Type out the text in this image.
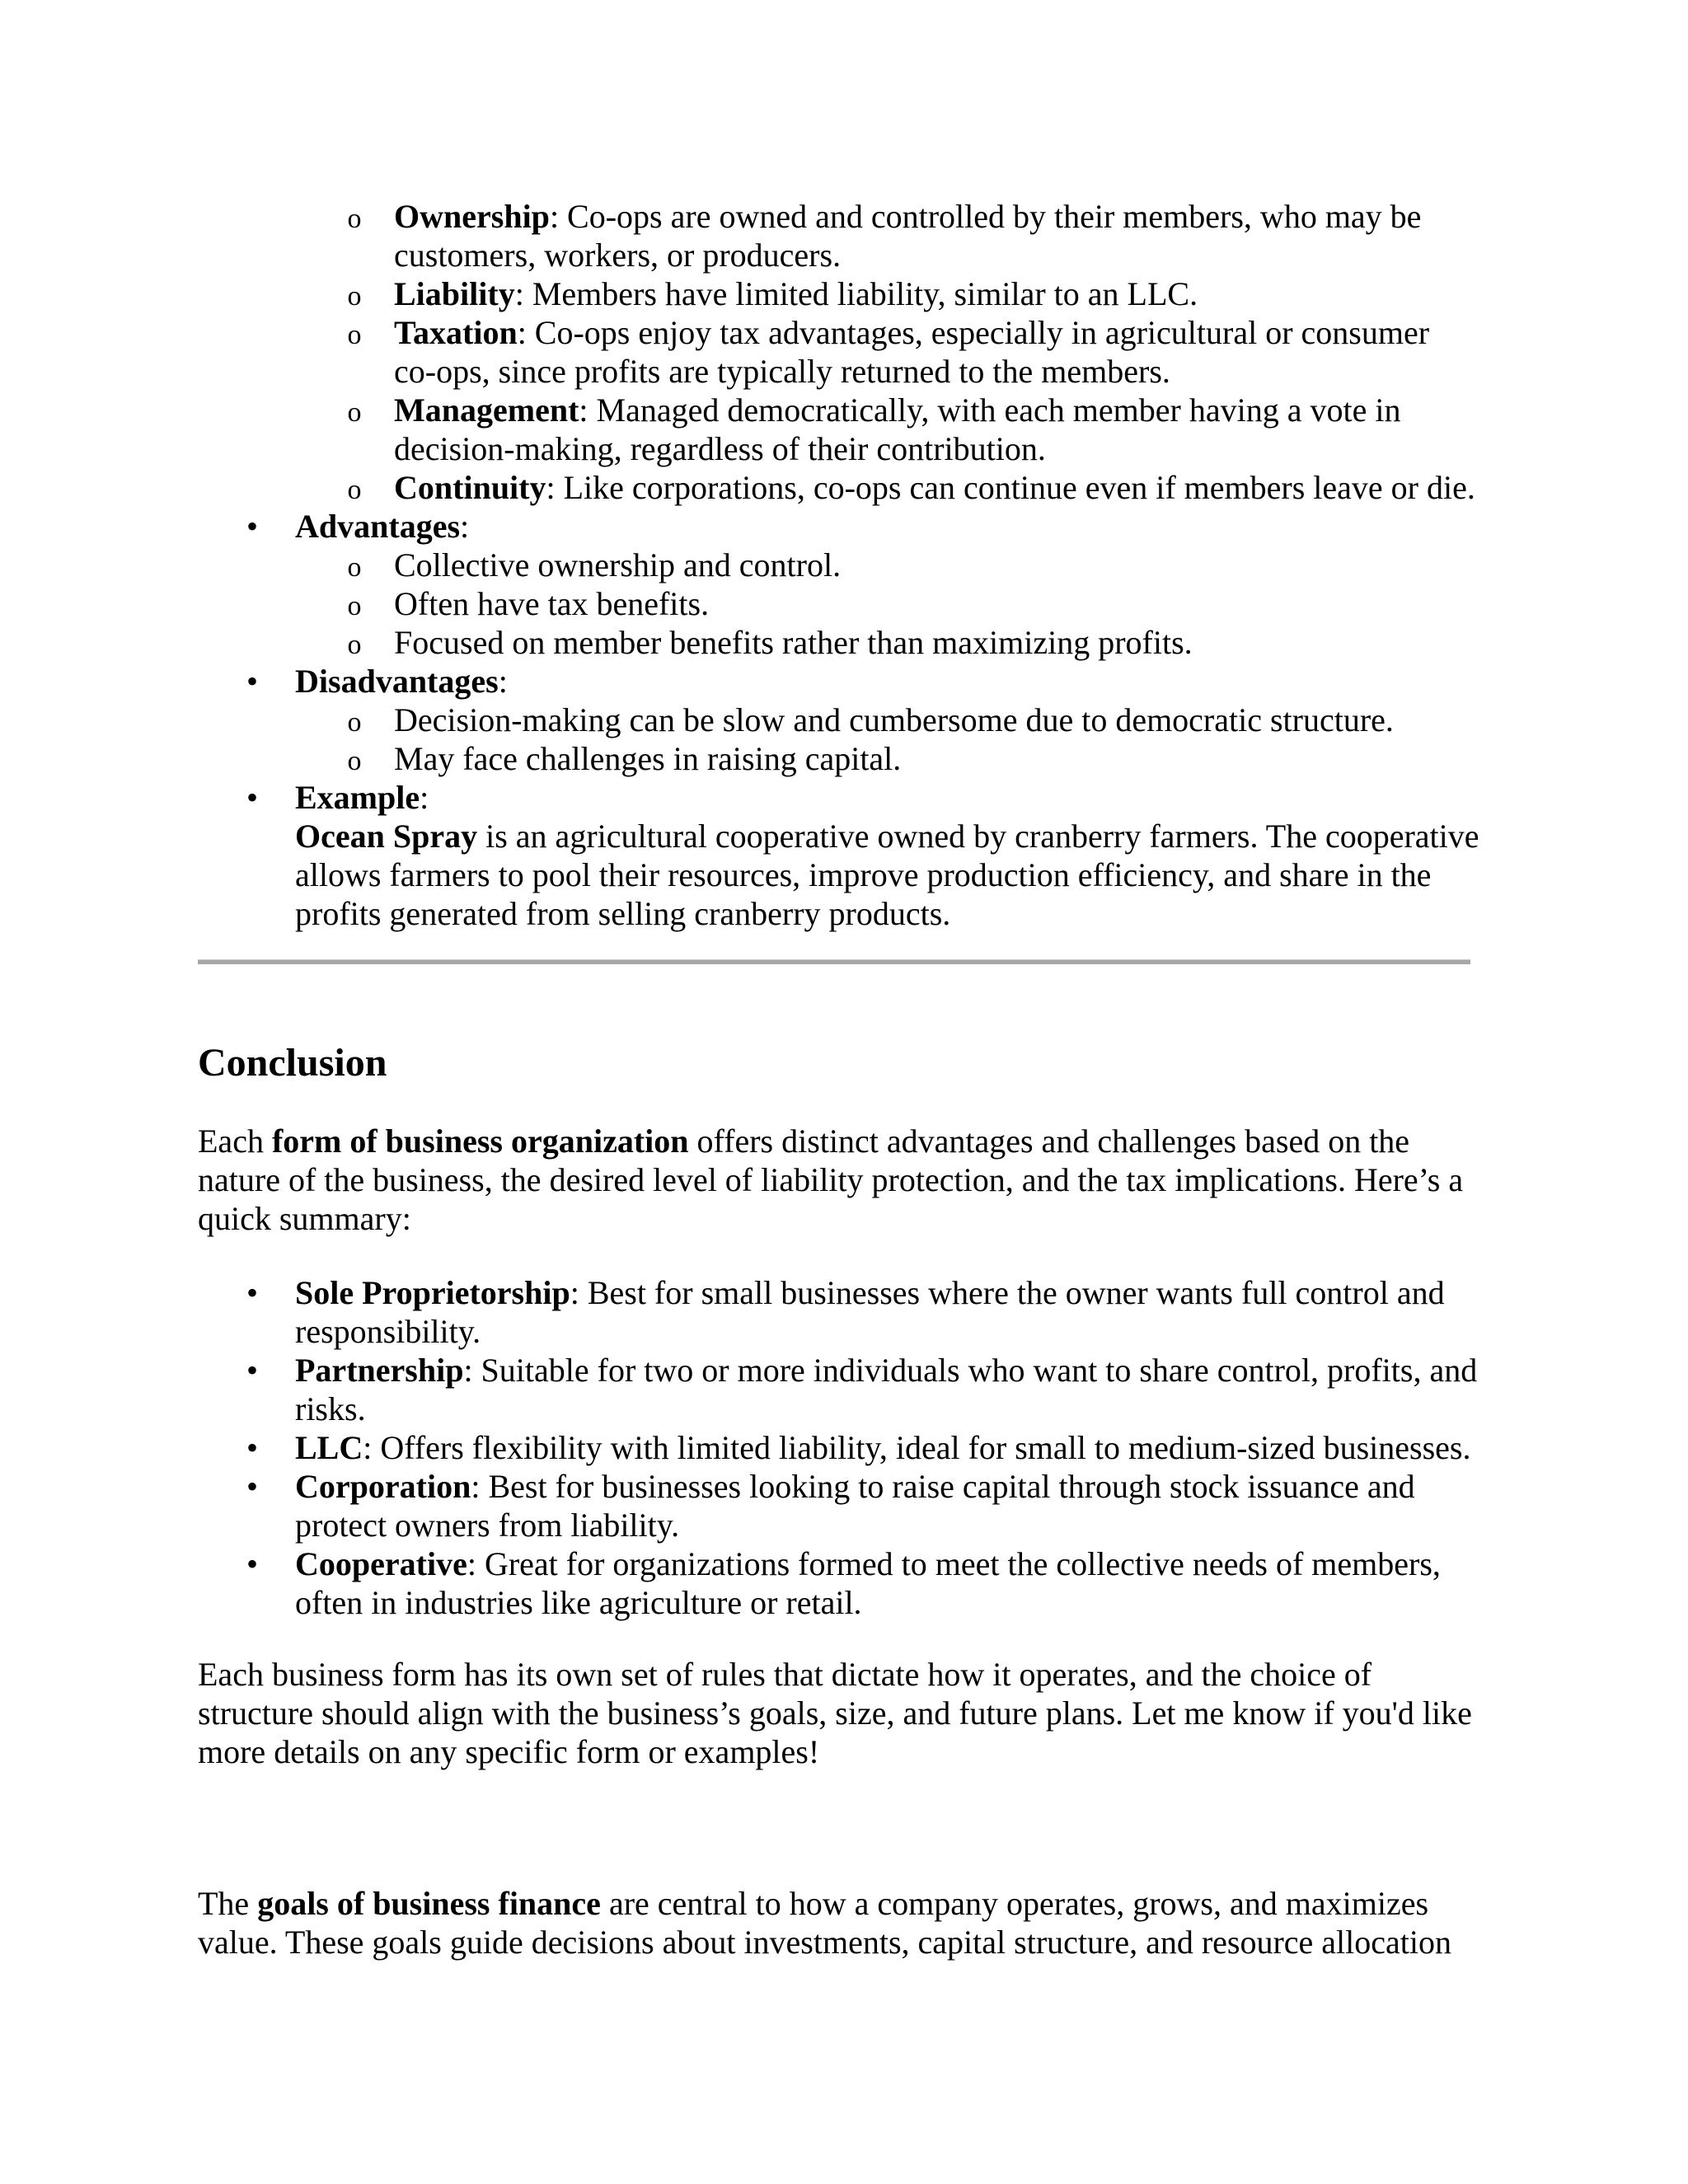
o Ownership: Co-ops are owned and controlled by their members, who may be
customers, workers, or producers.
o Liability: Members have limited liability, similar to an LLC.
o Taxation: Co-ops enjoy tax advantages, especially in agricultural or consumer
co-ops, since profits are typically returned to the members.
o Management: Managed democratically, with each member having a vote in
decision-making, regardless of their contribution.
o Continuity: Like corporations, co-ops can continue even if members leave or die.
•	Advantages:
o Collective ownership and control.
o Often have tax benefits.
o Focused on member benefits rather than maximizing profits.
•	Disadvantages:
o Decision-making can be slow and cumbersome due to democratic structure.
o May face challenges in raising capital.
•	Example:
Ocean Spray is an agricultural cooperative owned by cranberry farmers. The cooperative
allows farmers to pool their resources, improve production efficiency, and share in the
profits generated from selling cranberry products.
Conclusion
Each form of business organization offers distinct advantages and challenges based on the
nature of the business, the desired level of liability protection, and the tax implications. Here’s a
quick summary:
•	Sole Proprietorship: Best for small businesses where the owner wants full control and
responsibility.
•	Partnership: Suitable for two or more individuals who want to share control, profits, and
risks.
•	LLC: Offers flexibility with limited liability, ideal for small to medium-sized businesses.
•	Corporation: Best for businesses looking to raise capital through stock issuance and
protect owners from liability.
•	Cooperative: Great for organizations formed to meet the collective needs of members,
often in industries like agriculture or retail.
Each business form has its own set of rules that dictate how it operates, and the choice of
structure should align with the business’s goals, size, and future plans. Let me know if you'd like
more details on any specific form or examples!
The goals of business finance are central to how a company operates, grows, and maximizes
value. These goals guide decisions about investments, capital structure, and resource allocation
